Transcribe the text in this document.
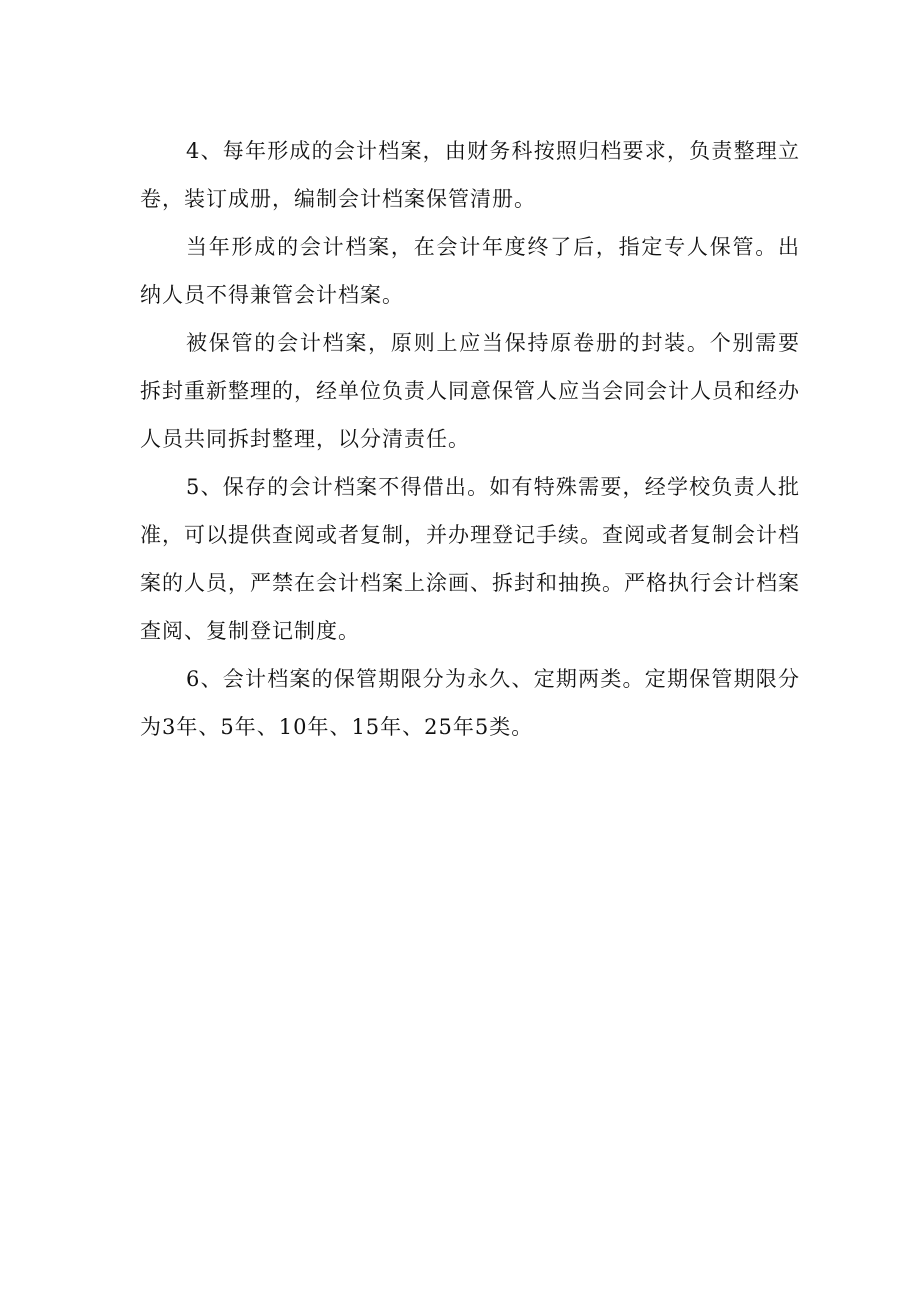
4、每年形成的会计档案，由财务科按照归档要求，负责整理立卷，装订成册，编制会计档案保管清册。

当年形成的会计档案，在会计年度终了后，指定专人保管。出纳人员不得兼管会计档案。

被保管的会计档案，原则上应当保持原卷册的封装。个别需要拆封重新整理的，经单位负责人同意保管人应当会同会计人员和经办人员共同拆封整理，以分清责任。

5、保存的会计档案不得借出。如有特殊需要，经学校负责人批准，可以提供查阅或者复制，并办理登记手续。查阅或者复制会计档案的人员，严禁在会计档案上涂画、拆封和抽换。严格执行会计档案查阅、复制登记制度。

6、会计档案的保管期限分为永久、定期两类。定期保管期限分为3年、5年、10年、15年、25年5类。
